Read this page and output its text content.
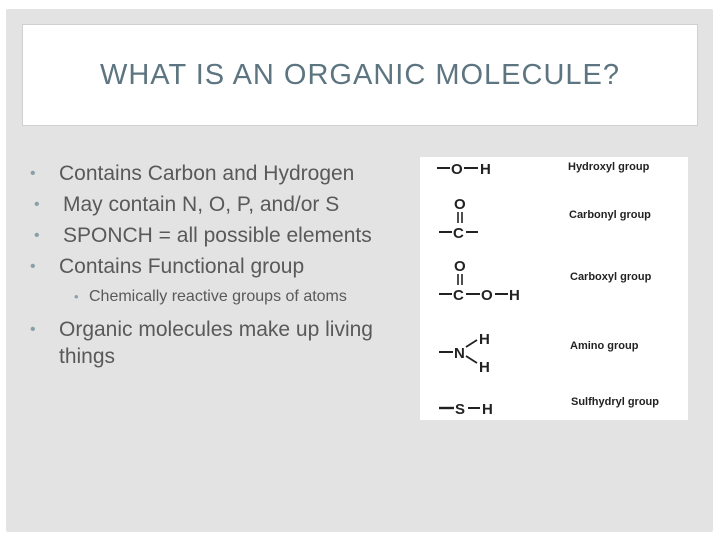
WHAT IS AN ORGANIC MOLECULE?
• Contains Carbon and Hydrogen
• May contain N, O, P, and/or S
• SPONCH = all possible elements
• Contains Functional group
• Chemically reactive groups of atoms
• Organic molecules make up living things
O H	Hydroxyl group
O
C
Carbonyl group
O
C O H
Carboxyl group
N
H
H
Amino group
S H	Sulfhydryl group
